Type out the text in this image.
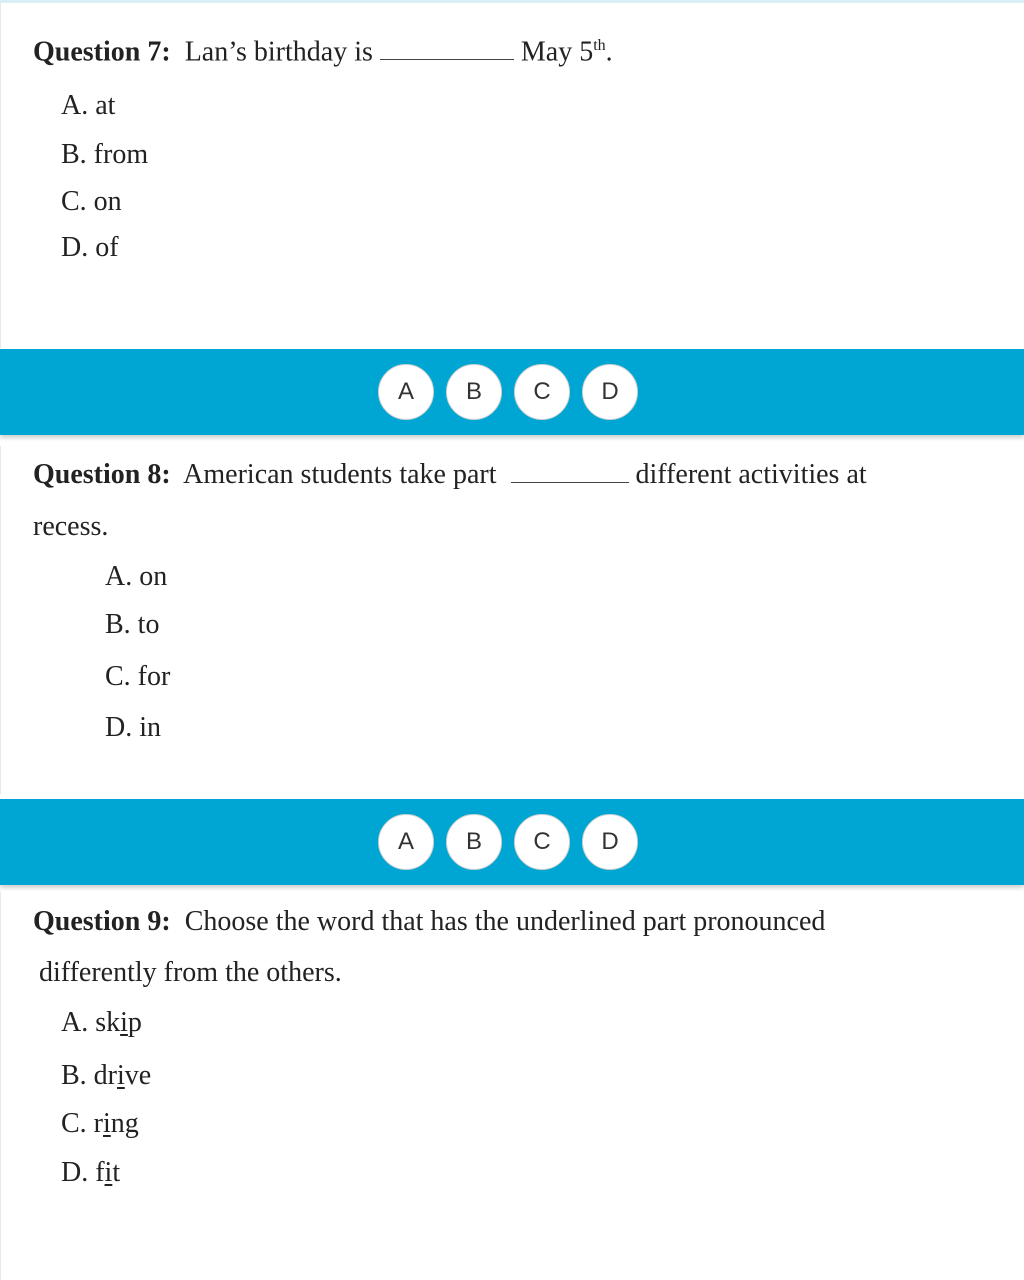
Question 7: Lan’s birthday is	May 5th.
A. at
B. from
C. on
D. of
A	B	C	D
Question 8: American students take part	different activities at
recess.
A. on
B. to
C. for
D. in
A	B	C	D
Question 9: Choose the word that has the underlined part pronounced
differently from the others.
A. skip
B. drive
C. ring
D. fit
